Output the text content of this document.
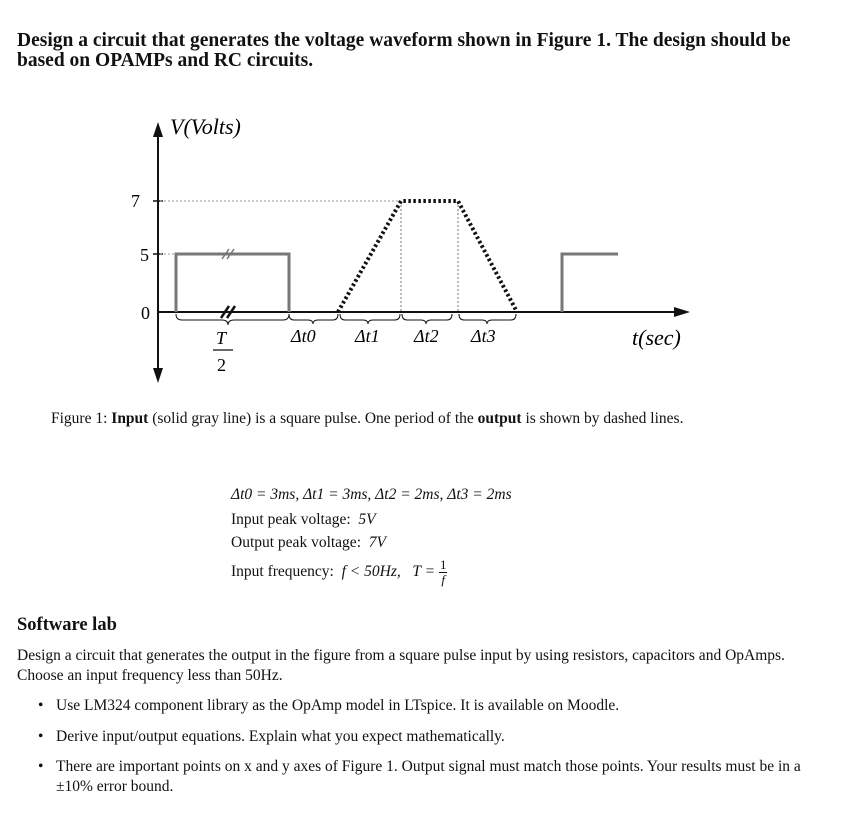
Design a circuit that generates the voltage waveform shown in Figure 1. The design should be based on OPAMPs and RC circuits.

V(Volts)
t(sec)
7
5
0
T
2
Δt0 Δt1 Δt2 Δt3

Figure 1: Input (solid gray line) is a square pulse. One period of the output is shown by dashed lines.

Δt0 = 3ms, Δt1 = 3ms, Δt2 = 2ms, Δt3 = 2ms

Input peak voltage: 5V

Output peak voltage: 7V

Input frequency: f < 50Hz, $T = \frac{1}{f}$

Software lab

Design a circuit that generates the output in the figure from a square pulse input by using resistors, capacitors and OpAmps. Choose an input frequency less than 50Hz.

• Use LM324 component library as the OpAmp model in LTspice. It is available on Moodle.
• Derive input/output equations. Explain what you expect mathematically.
• There are important points on x and y axes of Figure 1. Output signal must match those points. Your results must be in a ±10% error bound.
